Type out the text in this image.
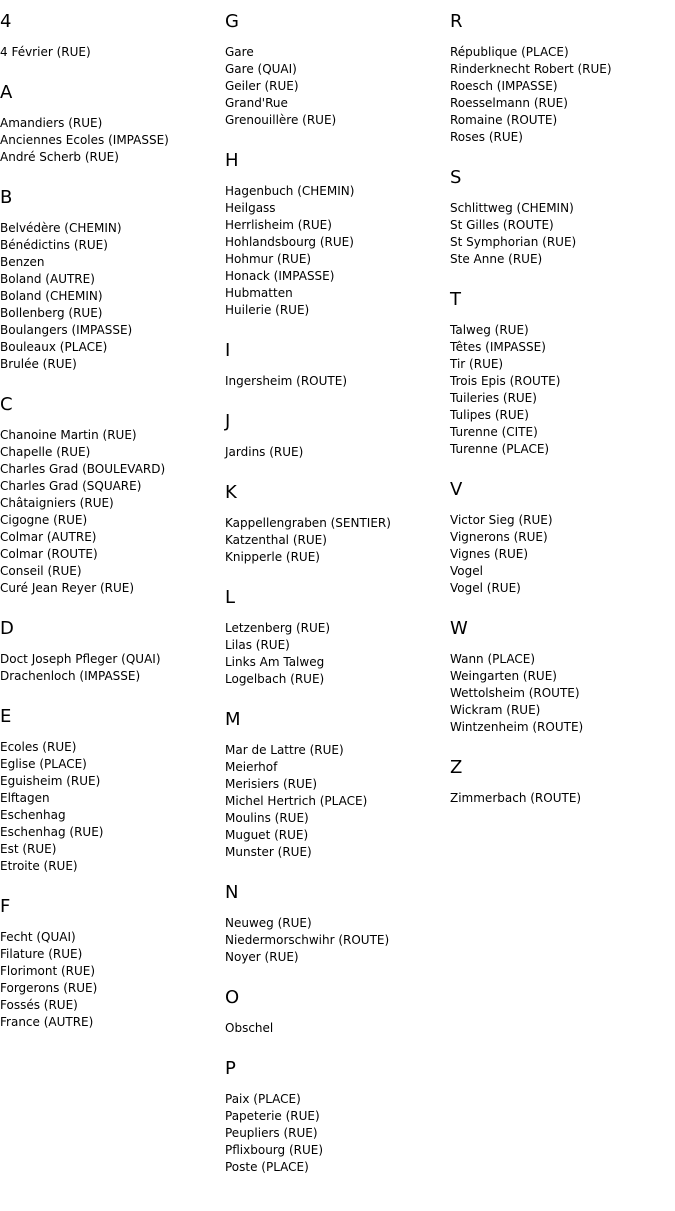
4
4 Février (RUE)
A
Amandiers (RUE)
Anciennes Ecoles (IMPASSE)
André Scherb (RUE)
B
Belvédère (CHEMIN)
Bénédictins (RUE)
Benzen
Boland (AUTRE)
Boland (CHEMIN)
Bollenberg (RUE)
Boulangers (IMPASSE)
Bouleaux (PLACE)
Brulée (RUE)
C
Chanoine Martin (RUE)
Chapelle (RUE)
Charles Grad (BOULEVARD)
Charles Grad (SQUARE)
Châtaigniers (RUE)
Cigogne (RUE)
Colmar (AUTRE)
Colmar (ROUTE)
Conseil (RUE)
Curé Jean Reyer (RUE)
D
Doct Joseph Pfleger (QUAI)
Drachenloch (IMPASSE)
E
Ecoles (RUE)
Eglise (PLACE)
Eguisheim (RUE)
Elftagen
Eschenhag
Eschenhag (RUE)
Est (RUE)
Etroite (RUE)
F
Fecht (QUAI)
Filature (RUE)
Florimont (RUE)
Forgerons (RUE)
Fossés (RUE)
France (AUTRE)
G
Gare
Gare (QUAI)
Geiler (RUE)
Grand'Rue
Grenouillère (RUE)
H
Hagenbuch (CHEMIN)
Heilgass
Herrlisheim (RUE)
Hohlandsbourg (RUE)
Hohmur (RUE)
Honack (IMPASSE)
Hubmatten
Huilerie (RUE)
I
Ingersheim (ROUTE)
J
Jardins (RUE)
K
Kappellengraben (SENTIER)
Katzenthal (RUE)
Knipperle (RUE)
L
Letzenberg (RUE)
Lilas (RUE)
Links Am Talweg
Logelbach (RUE)
M
Mar de Lattre (RUE)
Meierhof
Merisiers (RUE)
Michel Hertrich (PLACE)
Moulins (RUE)
Muguet (RUE)
Munster (RUE)
N
Neuweg (RUE)
Niedermorschwihr (ROUTE)
Noyer (RUE)
O
Obschel
P
Paix (PLACE)
Papeterie (RUE)
Peupliers (RUE)
Pflixbourg (RUE)
Poste (PLACE)
R
République (PLACE)
Rinderknecht Robert (RUE)
Roesch (IMPASSE)
Roesselmann (RUE)
Romaine (ROUTE)
Roses (RUE)
S
Schlittweg (CHEMIN)
St Gilles (ROUTE)
St Symphorian (RUE)
Ste Anne (RUE)
T
Talweg (RUE)
Têtes (IMPASSE)
Tir (RUE)
Trois Epis (ROUTE)
Tuileries (RUE)
Tulipes (RUE)
Turenne (CITE)
Turenne (PLACE)
V
Victor Sieg (RUE)
Vignerons (RUE)
Vignes (RUE)
Vogel
Vogel (RUE)
W
Wann (PLACE)
Weingarten (RUE)
Wettolsheim (ROUTE)
Wickram (RUE)
Wintzenheim (ROUTE)
Z
Zimmerbach (ROUTE)
